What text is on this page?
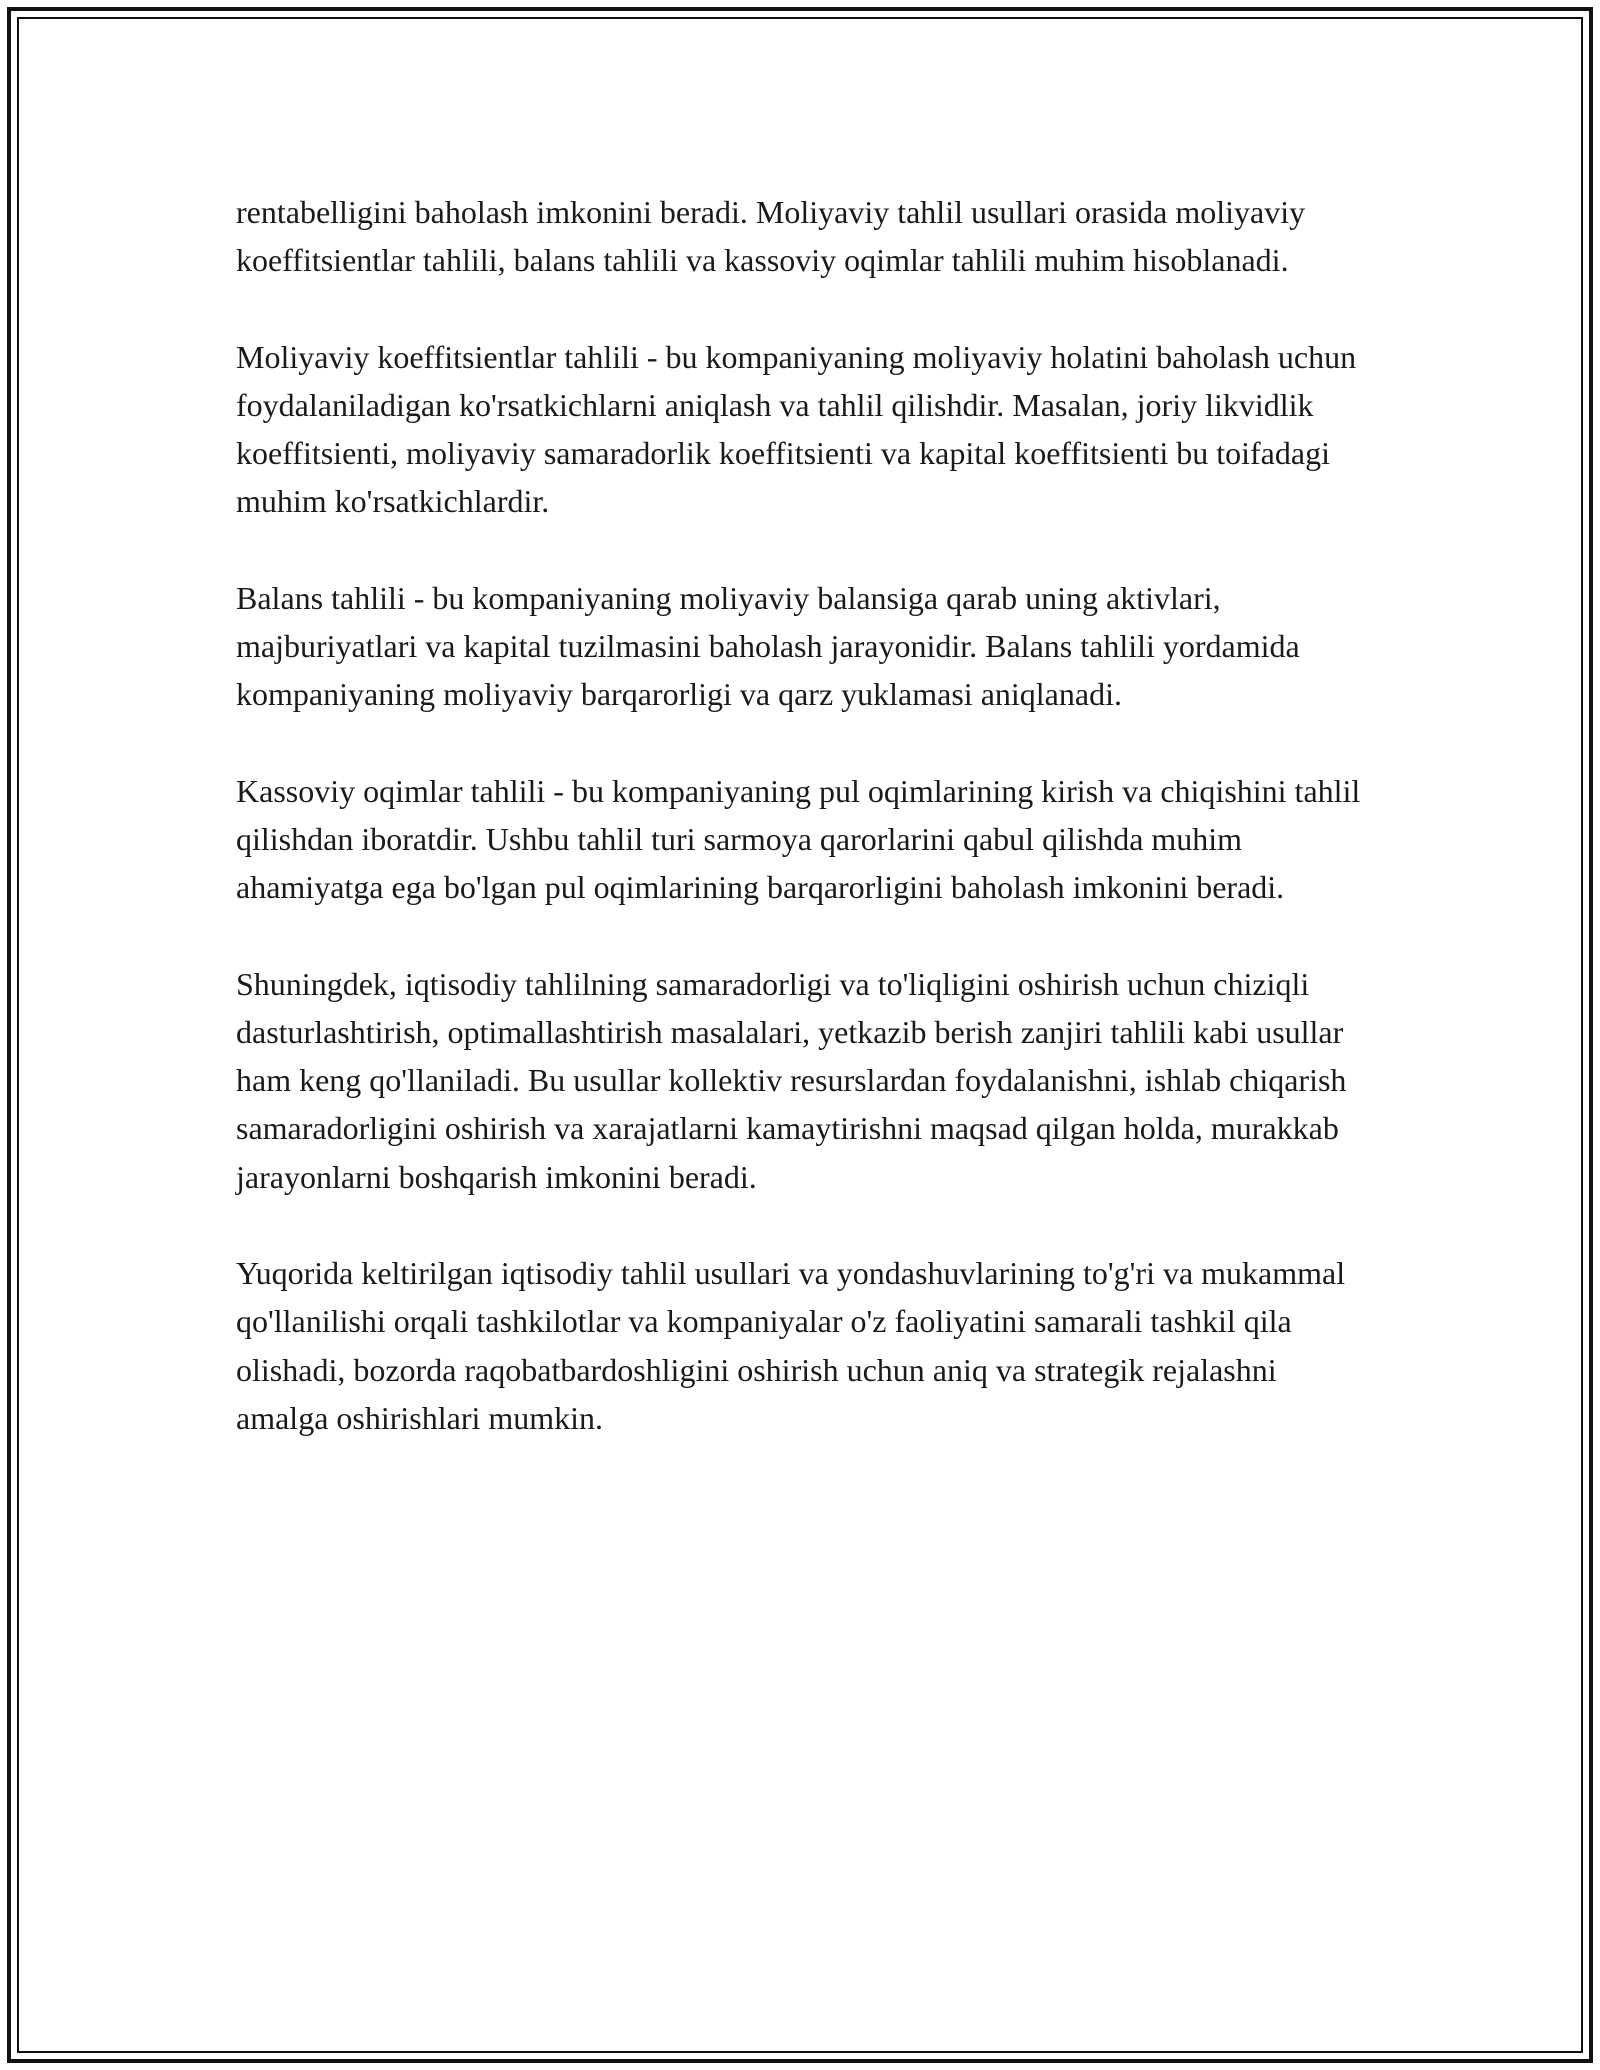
rentabelligini baholash imkonini beradi. Moliyaviy tahlil usullari orasida moliyaviy koeffitsientlar tahlili, balans tahlili va kassoviy oqimlar tahlili muhim hisoblanadi.

Moliyaviy koeffitsientlar tahlili - bu kompaniyaning moliyaviy holatini baholash uchun foydalaniladigan ko'rsatkichlarni aniqlash va tahlil qilishdir. Masalan, joriy likvidlik koeffitsienti, moliyaviy samaradorlik koeffitsienti va kapital koeffitsienti bu toifadagi muhim ko'rsatkichlardir.

Balans tahlili - bu kompaniyaning moliyaviy balansiga qarab uning aktivlari, majburiyatlari va kapital tuzilmasini baholash jarayonidir. Balans tahlili yordamida kompaniyaning moliyaviy barqarorligi va qarz yuklamasi aniqlanadi.

Kassoviy oqimlar tahlili - bu kompaniyaning pul oqimlarining kirish va chiqishini tahlil qilishdan iboratdir. Ushbu tahlil turi sarmoya qarorlarini qabul qilishda muhim ahamiyatga ega bo'lgan pul oqimlarining barqarorligini baholash imkonini beradi.

Shuningdek, iqtisodiy tahlilning samaradorligi va to'liqligini oshirish uchun chiziqli dasturlashtirish, optimallashtirish masalalari, yetkazib berish zanjiri tahlili kabi usullar ham keng qo'llaniladi. Bu usullar kollektiv resurslardan foydalanishni, ishlab chiqarish samaradorligini oshirish va xarajatlarni kamaytirishni maqsad qilgan holda, murakkab jarayonlarni boshqarish imkonini beradi.

Yuqorida keltirilgan iqtisodiy tahlil usullari va yondashuvlarining to'g'ri va mukammal qo'llanilishi orqali tashkilotlar va kompaniyalar o'z faoliyatini samarali tashkil qila olishadi, bozorda raqobatbardoshligini oshirish uchun aniq va strategik rejalashni amalga oshirishlari mumkin.
